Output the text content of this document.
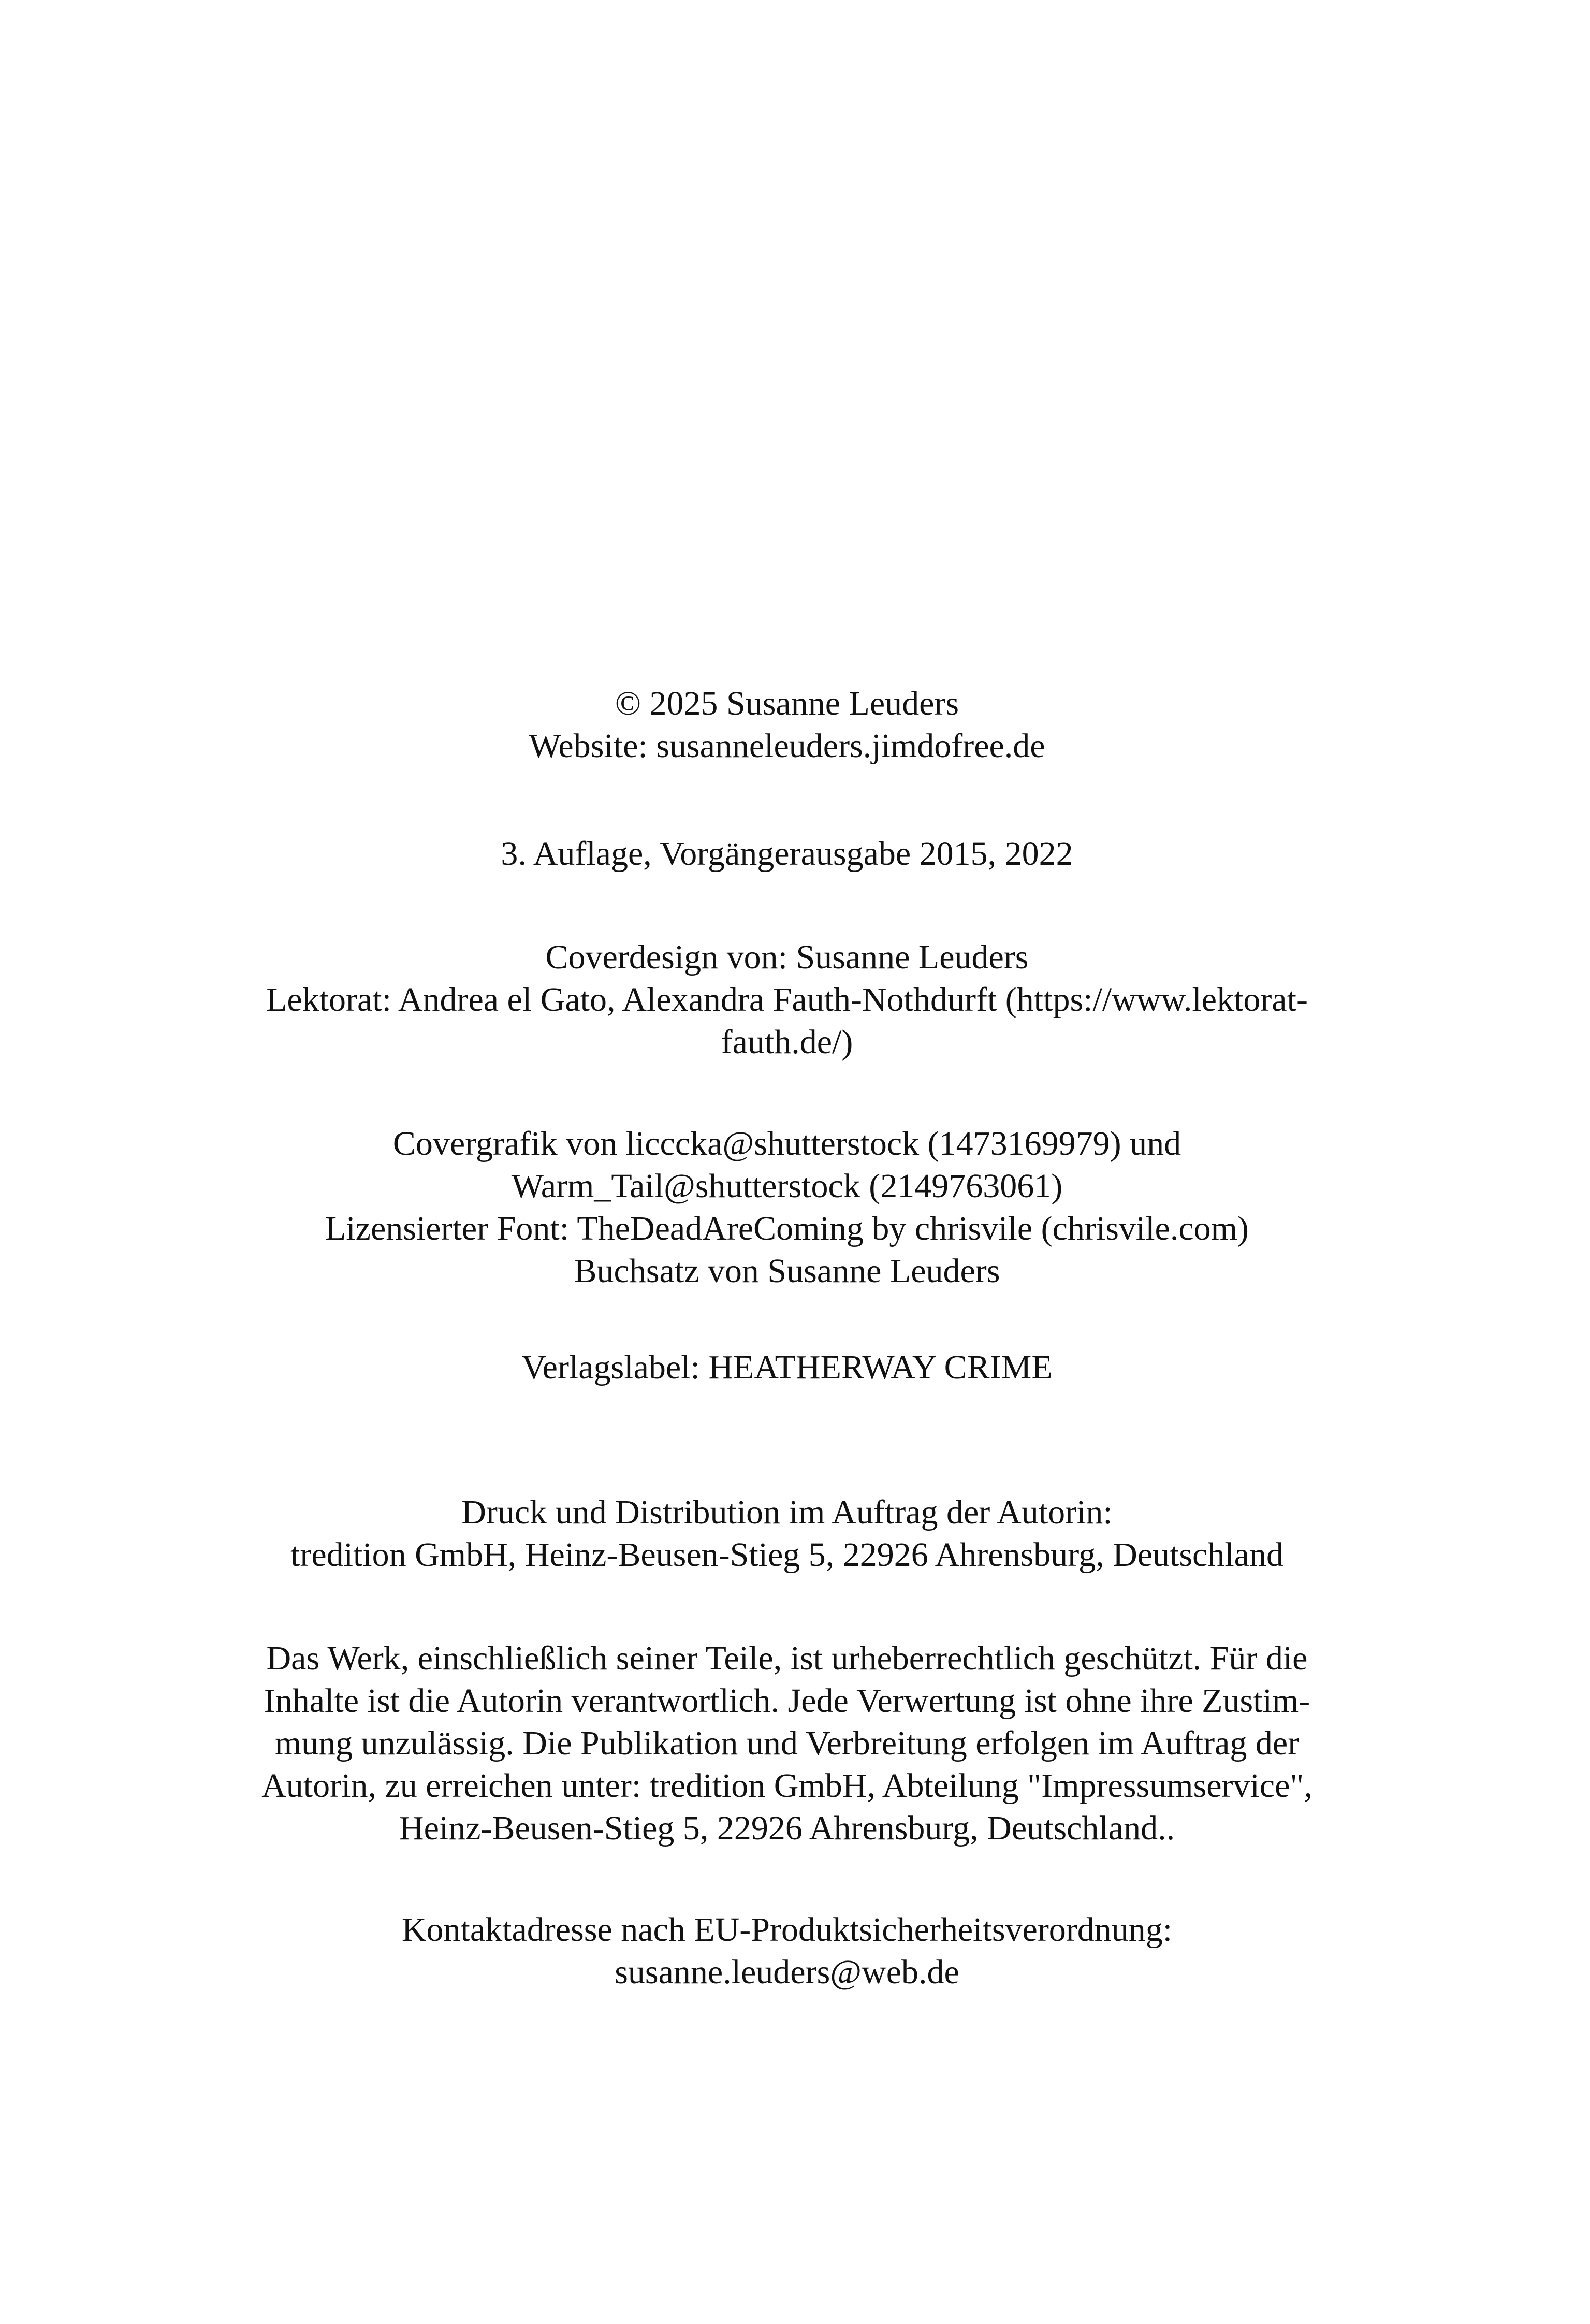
© 2025 Susanne Leuders
Website: susanneleuders.jimdofree.de
3. Auflage, Vorgängerausgabe 2015, 2022
Coverdesign von: Susanne Leuders
Lektorat: Andrea el Gato, Alexandra Fauth-Nothdurft (https://www.lektorat-
fauth.de/)
Covergrafik von licccka@shutterstock (1473169979) und
Warm_Tail@shutterstock (2149763061)
Lizensierter Font: TheDeadAreComing by chrisvile (chrisvile.com)
Buchsatz von Susanne Leuders
Verlagslabel: HEATHERWAY CRIME
Druck und Distribution im Auftrag der Autorin:
tredition GmbH, Heinz-Beusen-Stieg 5, 22926 Ahrensburg, Deutschland
Das Werk, einschließlich seiner Teile, ist urheberrechtlich geschützt. Für die
Inhalte ist die Autorin verantwortlich. Jede Verwertung ist ohne ihre Zustim-
mung unzulässig. Die Publikation und Verbreitung erfolgen im Auftrag der
Autorin, zu erreichen unter: tredition GmbH, Abteilung "Impressumservice",
Heinz-Beusen-Stieg 5, 22926 Ahrensburg, Deutschland..
Kontaktadresse nach EU-Produktsicherheitsverordnung:
susanne.leuders@web.de
